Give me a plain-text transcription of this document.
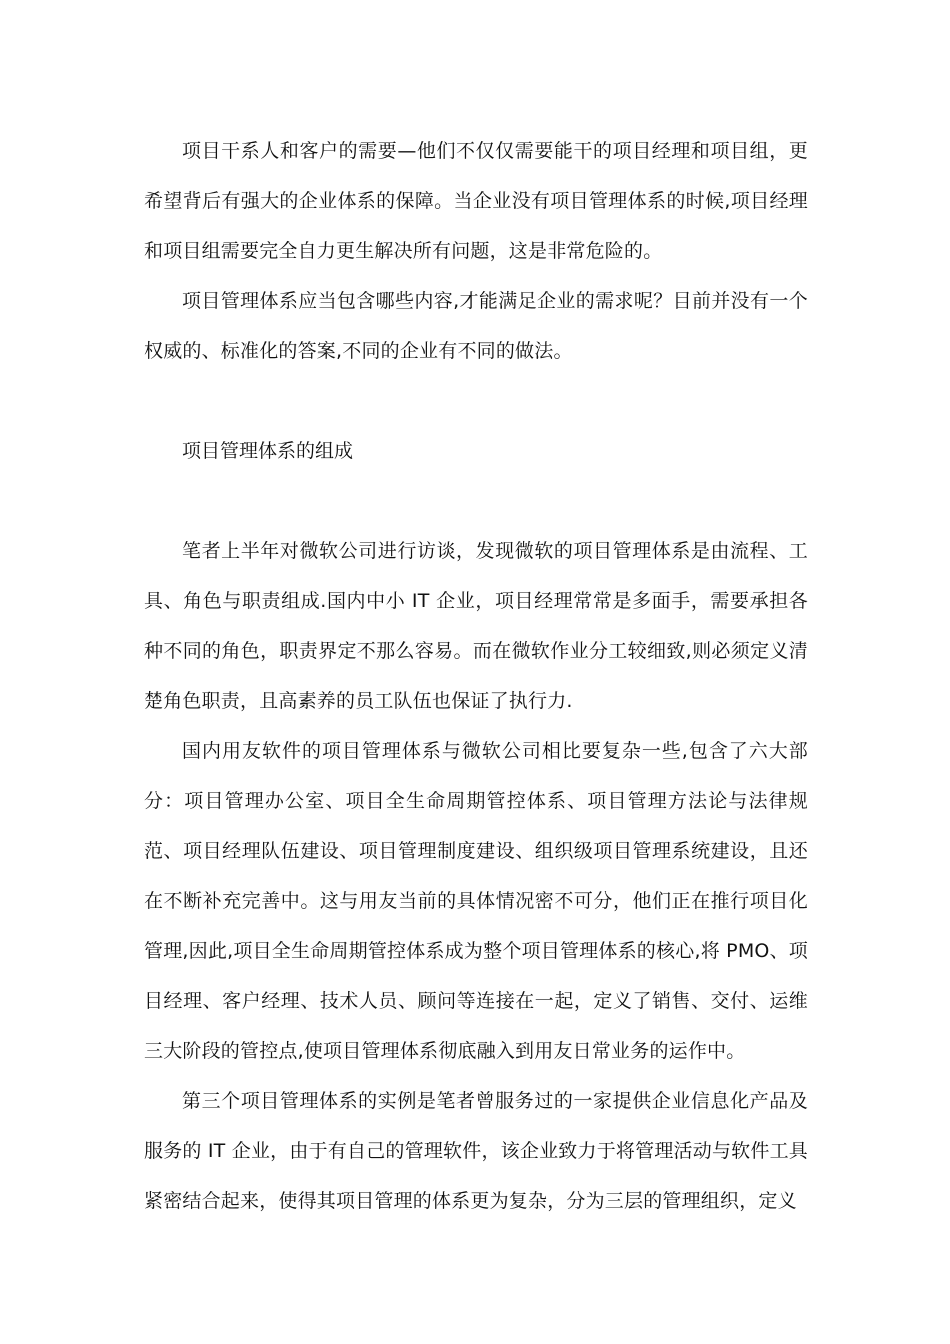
项目干系人和客户的需要—他们不仅仅需要能干的项目经理和项目组，更希望背后有强大的企业体系的保障。当企业没有项目管理体系的时候,项目经理和项目组需要完全自力更生解决所有问题，这是非常危险的。

项目管理体系应当包含哪些内容,才能满足企业的需求呢？目前并没有一个权威的、标准化的答案,不同的企业有不同的做法。

项目管理体系的组成

笔者上半年对微软公司进行访谈，发现微软的项目管理体系是由流程、工具、角色与职责组成.国内中小 IT 企业，项目经理常常是多面手，需要承担各种不同的角色，职责界定不那么容易。而在微软作业分工较细致,则必须定义清楚角色职责，且高素养的员工队伍也保证了执行力.

国内用友软件的项目管理体系与微软公司相比要复杂一些,包含了六大部分：项目管理办公室、项目全生命周期管控体系、项目管理方法论与法律规范、项目经理队伍建设、项目管理制度建设、组织级项目管理系统建设，且还在不断补充完善中。这与用友当前的具体情况密不可分，他们正在推行项目化管理,因此,项目全生命周期管控体系成为整个项目管理体系的核心,将 PMO、项目经理、客户经理、技术人员、顾问等连接在一起，定义了销售、交付、运维三大阶段的管控点,使项目管理体系彻底融入到用友日常业务的运作中。

第三个项目管理体系的实例是笔者曾服务过的一家提供企业信息化产品及服务的 IT 企业，由于有自己的管理软件，该企业致力于将管理活动与软件工具紧密结合起来，使得其项目管理的体系更为复杂，分为三层的管理组织，定义
